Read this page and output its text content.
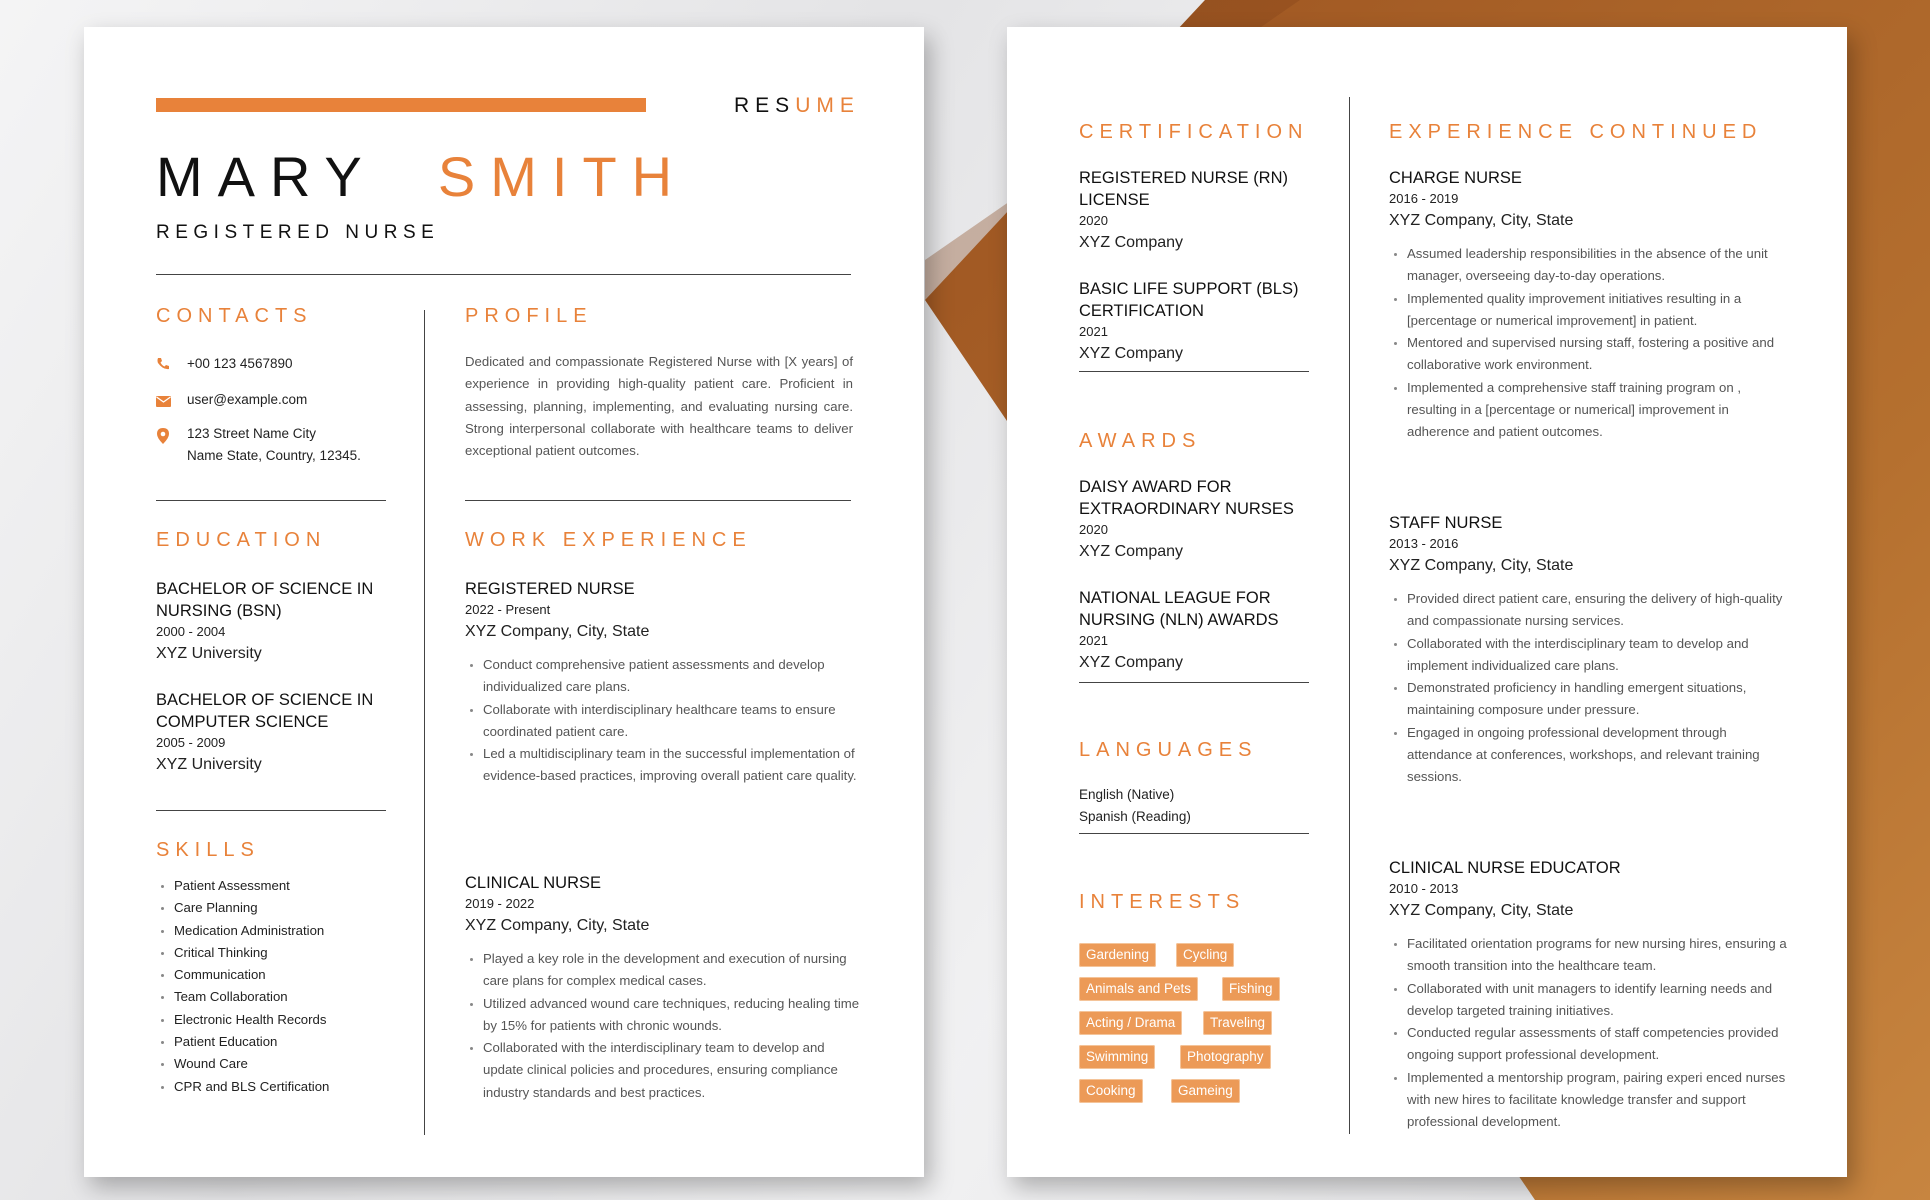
RESUME
MARY SMITH
REGISTERED NURSE
CONTACTS
+00 123 4567890
user@example.com
123 Street Name City
Name State, Country, 12345.
EDUCATION
BACHELOR OF SCIENCE IN NURSING (BSN)
2000 - 2004
XYZ University
BACHELOR OF SCIENCE IN COMPUTER SCIENCE
2005 - 2009
XYZ University
SKILLS
• Patient Assessment
• Care Planning
• Medication Administration
• Critical Thinking
• Communication
• Team Collaboration
• Electronic Health Records
• Patient Education
• Wound Care
• CPR and BLS Certification
PROFILE
Dedicated and compassionate Registered Nurse with [X years] of experience in providing high-quality patient care. Proficient in assessing, planning, implementing, and evaluating nursing care. Strong interpersonal collaborate with healthcare teams to deliver exceptional patient outcomes.
WORK EXPERIENCE
REGISTERED NURSE
2022 - Present
XYZ Company, City, State
• Conduct comprehensive patient assessments and develop individualized care plans.
• Collaborate with interdisciplinary healthcare teams to ensure coordinated patient care.
• Led a multidisciplinary team in the successful implementation of evidence-based practices, improving overall patient care quality.
CLINICAL NURSE
2019 - 2022
XYZ Company, City, State
• Played a key role in the development and execution of nursing care plans for complex medical cases.
• Utilized advanced wound care techniques, reducing healing time by 15% for patients with chronic wounds.
• Collaborated with the interdisciplinary team to develop and update clinical policies and procedures, ensuring compliance industry standards and best practices.
CERTIFICATION
REGISTERED NURSE (RN) LICENSE
2020
XYZ Company
BASIC LIFE SUPPORT (BLS) CERTIFICATION
2021
XYZ Company
AWARDS
DAISY AWARD FOR EXTRAORDINARY NURSES
2020
XYZ Company
NATIONAL LEAGUE FOR NURSING (NLN) AWARDS
2021
XYZ Company
LANGUAGES
English (Native)
Spanish (Reading)
INTERESTS
Gardening	Cycling
Animals and Pets	Fishing
Acting / Drama	Traveling
Swimming	Photography
Cooking	Gameing
EXPERIENCE CONTINUED
CHARGE NURSE
2016 - 2019
XYZ Company, City, State
• Assumed leadership responsibilities in the absence of the unit manager, overseeing day-to-day operations.
• Implemented quality improvement initiatives resulting in a [percentage or numerical improvement] in patient.
• Mentored and supervised nursing staff, fostering a positive and collaborative work environment.
• Implemented a comprehensive staff training program on , resulting in a [percentage or numerical] improvement in adherence and patient outcomes.
STAFF NURSE
2013 - 2016
XYZ Company, City, State
• Provided direct patient care, ensuring the delivery of high-quality and compassionate nursing services.
• Collaborated with the interdisciplinary team to develop and implement individualized care plans.
• Demonstrated proficiency in handling emergent situations, maintaining composure under pressure.
• Engaged in ongoing professional development through attendance at conferences, workshops, and relevant training sessions.
CLINICAL NURSE EDUCATOR
2010 - 2013
XYZ Company, City, State
• Facilitated orientation programs for new nursing hires, ensuring a smooth transition into the healthcare team.
• Collaborated with unit managers to identify learning needs and develop targeted training initiatives.
• Conducted regular assessments of staff competencies provided ongoing support professional development.
• Implemented a mentorship program, pairing experi enced nurses with new hires to facilitate knowledge transfer and support professional development.
